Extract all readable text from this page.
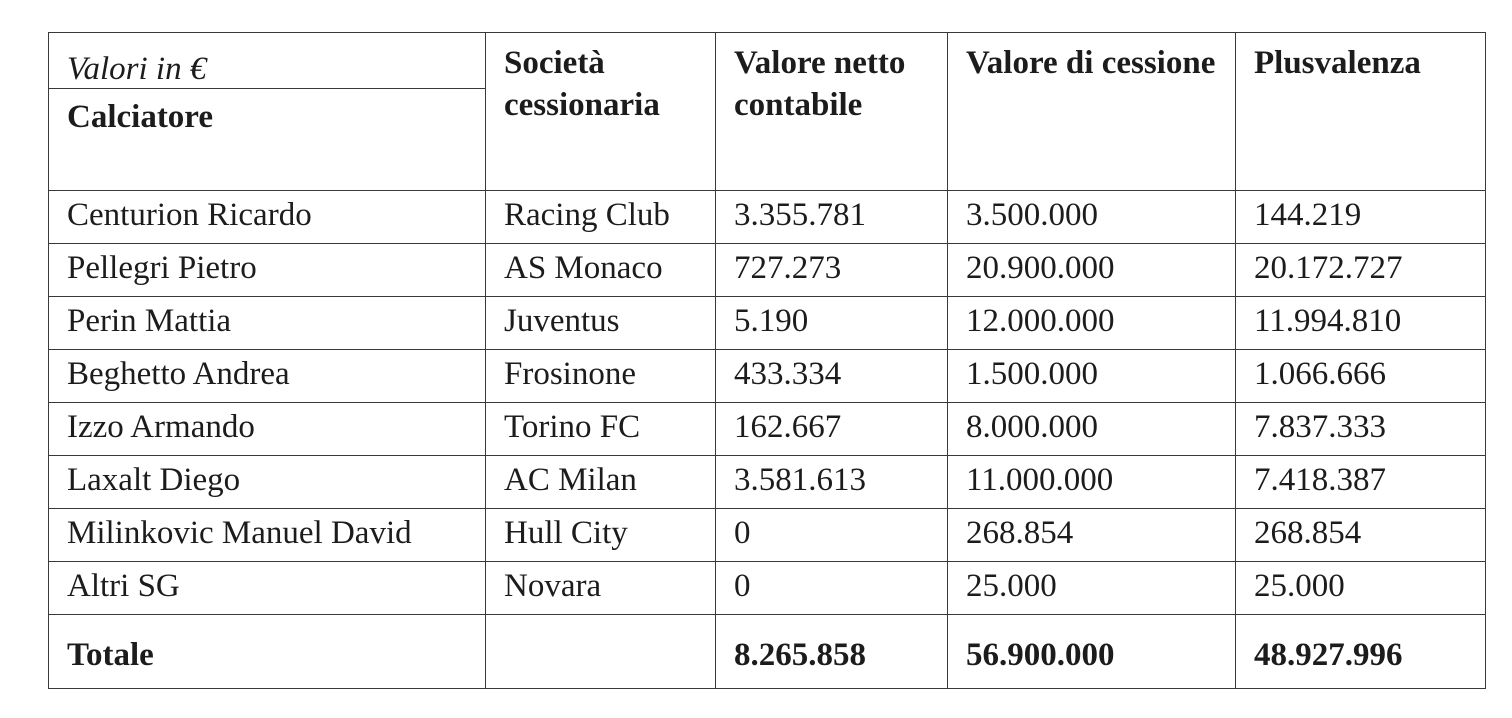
Valori in €
Calciatore	Società cessionaria	Valore netto contabile	Valore di cessione	Plusvalenza
Centurion Ricardo	Racing Club	3.355.781	3.500.000	144.219
Pellegri Pietro	AS Monaco	727.273	20.900.000	20.172.727
Perin Mattia	Juventus	5.190	12.000.000	11.994.810
Beghetto Andrea	Frosinone	433.334	1.500.000	1.066.666
Izzo Armando	Torino FC	162.667	8.000.000	7.837.333
Laxalt Diego	AC Milan	3.581.613	11.000.000	7.418.387
Milinkovic Manuel David	Hull City	0	268.854	268.854
Altri SG	Novara	0	25.000	25.000
Totale		8.265.858	56.900.000	48.927.996
